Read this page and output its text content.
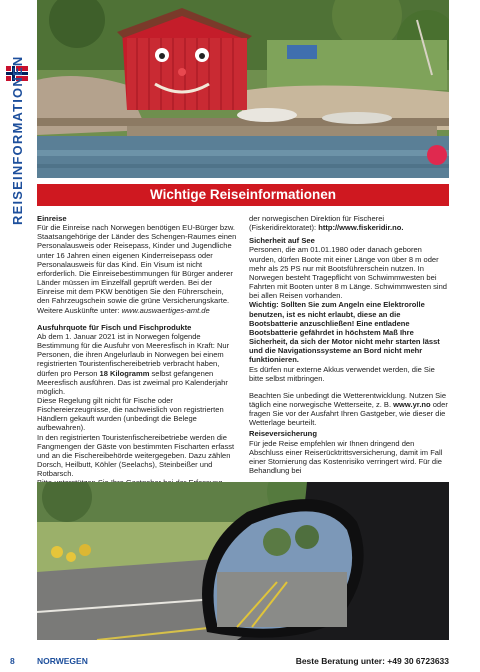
REISEINFORMATIONEN	Wichtige Reiseinformationen

Einreise

Für die Einreise nach Norwegen benötigen EU-Bürger bzw. Staatsangehörige der Länder des Schengen-Raumes einen Personalausweis oder Reisepass, Kinder und Jugendliche unter 16 Jahren einen eigenen Kinderreisepass oder Personalausweis für das Kind. Ein Visum ist nicht erforderlich. Die Einreisebestimmungen für Bürger anderer Länder müssen im Einzelfall geprüft werden. Bei der Einreise mit dem PKW benötigen Sie den Führerschein, den Fahrzeugschein sowie die grüne Versicherungskarte. Weitere Auskünfte unter: www.auswaertiges-amt.de

Ausfuhrquote für Fisch und Fischprodukte

Ab dem 1. Januar 2021 ist in Norwegen folgende Bestimmung für die Ausfuhr von Meeresfisch in Kraft: Nur Personen, die ihren Angelurlaub in Norwegen bei einem registrierten Touristenfischereibetrieb verbracht haben, dürfen pro Person 18 Kilogramm selbst gefangenen Meeresfisch ausführen. Das ist zweimal pro Kalenderjahr möglich.

Diese Regelung gilt nicht für Fische oder Fischereierzeugnisse, die nachweislich von registrierten Händlern gekauft wurden (unbedingt die Belege aufbewahren).

In den registrierten Touristenfischereibetriebe werden die Fangmengen der Gäste von bestimmten Fischarten erfasst und an die Fischereibehörde weitergegeben. Dazu zählen Dorsch, Heilbutt, Köhler (Seelachs), Steinbeißer und Rotbarsch.

der norwegischen Direktion für Fischerei (Fiskeridirektoratet): http://www.fiskeridir.no.

Sicherheit auf See

Personen, die am 01.01.1980 oder danach geboren wurden, dürfen Boote mit einer Länge von über 8 m oder mehr als 25 PS nur mit Bootsführerschein nutzen. In Norwegen besteht Tragepflicht von Schwimmwesten bei Fahrten mit Booten unter 8 m Länge. Schwimmwesten sind bei allen Reisen vorhanden.

Wichtig: Sollten Sie zum Angeln eine Elektrorolle benutzen, ist es nicht erlaubt, diese an die Bootsbatterie anzuschließen! Eine entladene Bootsbatterie gefährdet in höchstem Maß Ihre Sicherheit, da sich der Motor nicht mehr starten lässt und die Navigationssysteme an Bord nicht mehr funktionieren.

Es dürfen nur externe Akkus verwendet werden, die Sie bitte selbst mitbringen.

Beachten Sie unbedingt die Wetterentwicklung. Nutzen Sie täglich eine norwegische Wetterseite, z. B. www.yr.no oder fragen Sie vor der Ausfahrt Ihren Gastgeber, wie dieser die Wetterlage beurteilt.

Reiseversicherung

Für jede Reise empfehlen wir Ihnen dringend den Abschluss einer Reiserücktrittsversicherung, damit im Fall einer Stornierung das Kostenrisiko verringert wird. Für die Behandlung bei

8	NORWEGEN	Beste Beratung unter: +49 30 6723633
